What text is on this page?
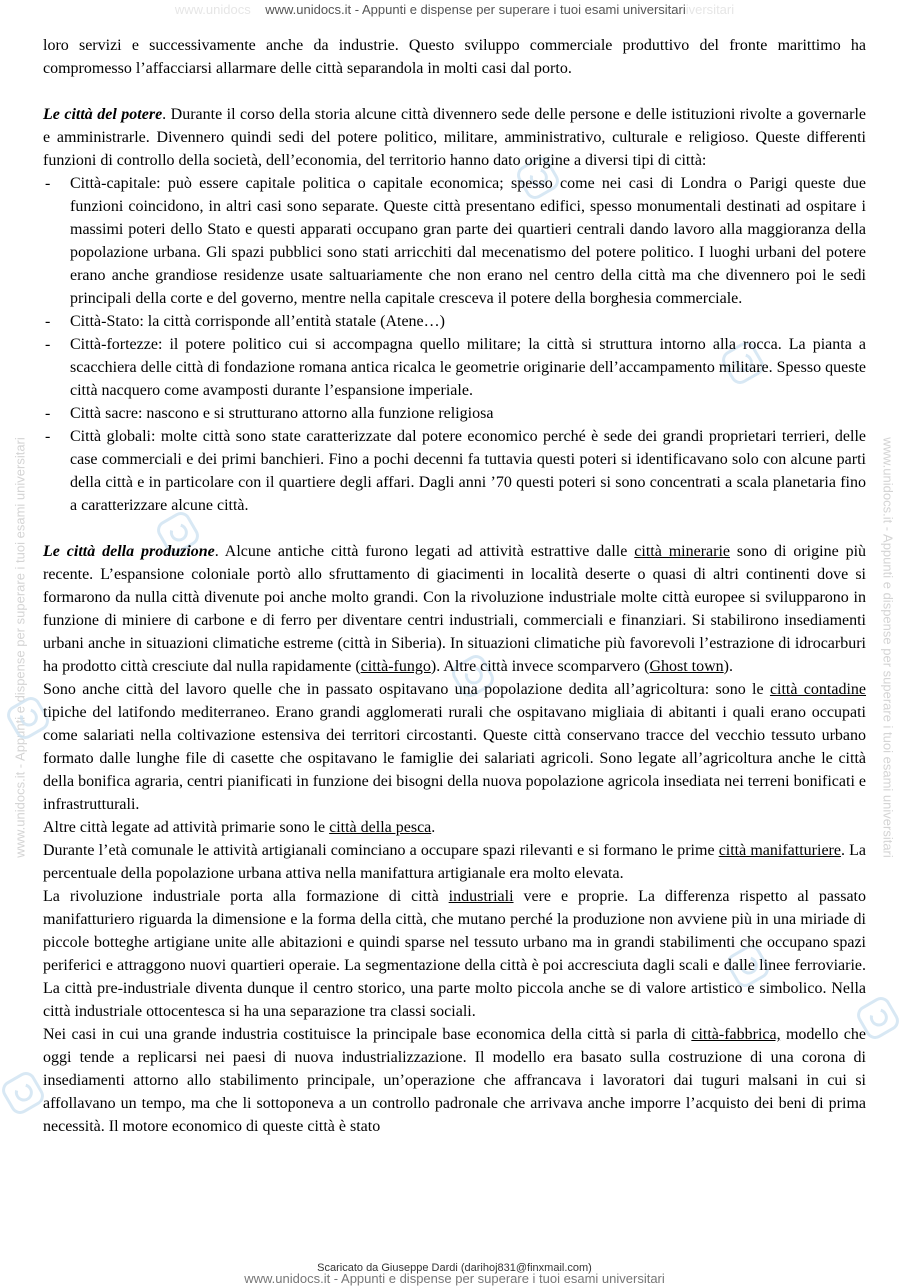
www.unidocs www.unidocs.it - Appunti e dispense per superare i tuoi esami universitariiversitari
www.unidocs.it - Appunti e dispense per superare i tuoi esami universitari	www.unidocs.it - Appunti e dispense per superare i tuoi esami universitari

loro servizi e successivamente anche da industrie. Questo sviluppo commerciale produttivo del fronte marittimo ha compromesso l’affacciarsi allarmare delle città separandola in molti casi dal porto.

Le città del potere. Durante il corso della storia alcune città divennero sede delle persone e delle istituzioni rivolte a governarle e amministrarle. Divennero quindi sedi del potere politico, militare, amministrativo, culturale e religioso. Queste differenti funzioni di controllo della società, dell’economia, del territorio hanno dato origine a diversi tipi di città:

- Città-capitale: può essere capitale politica o capitale economica; spesso come nei casi di Londra o Parigi queste due funzioni coincidono, in altri casi sono separate. Queste città presentano edifici, spesso monumentali destinati ad ospitare i massimi poteri dello Stato e questi apparati occupano gran parte dei quartieri centrali dando lavoro alla maggioranza della popolazione urbana. Gli spazi pubblici sono stati arricchiti dal mecenatismo del potere politico. I luoghi urbani del potere erano anche grandiose residenze usate saltuariamente che non erano nel centro della città ma che divennero poi le sedi principali della corte e del governo, mentre nella capitale cresceva il potere della borghesia commerciale.
- Città-Stato: la città corrisponde all’entità statale (Atene…)
- Città-fortezze: il potere politico cui si accompagna quello militare; la città si struttura intorno alla rocca. La pianta a scacchiera delle città di fondazione romana antica ricalca le geometrie originarie dell’accampamento militare. Spesso queste città nacquero come avamposti durante l’espansione imperiale.
- Città sacre: nascono e si strutturano attorno alla funzione religiosa
- Città globali: molte città sono state caratterizzate dal potere economico perché è sede dei grandi proprietari terrieri, delle case commerciali e dei primi banchieri. Fino a pochi decenni fa tuttavia questi poteri si identificavano solo con alcune parti della città e in particolare con il quartiere degli affari. Dagli anni ’70 questi poteri si sono concentrati a scala planetaria fino a caratterizzare alcune città.

Le città della produzione. Alcune antiche città furono legati ad attività estrattive dalle città minerarie sono di origine più recente. L’espansione coloniale portò allo sfruttamento di giacimenti in località deserte o quasi di altri continenti dove si formarono da nulla città divenute poi anche molto grandi. Con la rivoluzione industriale molte città europee si svilupparono in funzione di miniere di carbone e di ferro per diventare centri industriali, commerciali e finanziari. Si stabilirono insediamenti urbani anche in situazioni climatiche estreme (città in Siberia). In situazioni climatiche più favorevoli l’estrazione di idrocarburi ha prodotto città cresciute dal nulla rapidamente (città-fungo). Altre città invece scomparvero (Ghost town).

Sono anche città del lavoro quelle che in passato ospitavano una popolazione dedita all’agricoltura: sono le città contadine tipiche del latifondo mediterraneo. Erano grandi agglomerati rurali che ospitavano migliaia di abitanti i quali erano occupati come salariati nella coltivazione estensiva dei territori circostanti. Queste città conservano tracce del vecchio tessuto urbano formato dalle lunghe file di casette che ospitavano le famiglie dei salariati agricoli. Sono legate all’agricoltura anche le città della bonifica agraria, centri pianificati in funzione dei bisogni della nuova popolazione agricola insediata nei terreni bonificati e infrastrutturali.

Altre città legate ad attività primarie sono le città della pesca.

Durante l’età comunale le attività artigianali cominciano a occupare spazi rilevanti e si formano le prime città manifatturiere. La percentuale della popolazione urbana attiva nella manifattura artigianale era molto elevata.

La rivoluzione industriale porta alla formazione di città industriali vere e proprie. La differenza rispetto al passato manifatturiero riguarda la dimensione e la forma della città, che mutano perché la produzione non avviene più in una miriade di piccole botteghe artigiane unite alle abitazioni e quindi sparse nel tessuto urbano ma in grandi stabilimenti che occupano spazi periferici e attraggono nuovi quartieri operaie. La segmentazione della città è poi accresciuta dagli scali e dalle linee ferroviarie. La città pre-industriale diventa dunque il centro storico, una parte molto piccola anche se di valore artistico e simbolico. Nella città industriale ottocentesca si ha una separazione tra classi sociali.

Nei casi in cui una grande industria costituisce la principale base economica della città si parla di città-fabbrica, modello che oggi tende a replicarsi nei paesi di nuova industrializzazione. Il modello era basato sulla costruzione di una corona di insediamenti attorno allo stabilimento principale, un’operazione che affrancava i lavoratori dai tuguri malsani in cui si affollavano un tempo, ma che li sottoponeva a un controllo padronale che arrivava anche imporre l’acquisto dei beni di prima necessità. Il motore economico di queste città è stato

Scaricato da Giuseppe Dardi (darihoj831@finxmail.com)
www.unidocs.it - Appunti e dispense per superare i tuoi esami universitari
